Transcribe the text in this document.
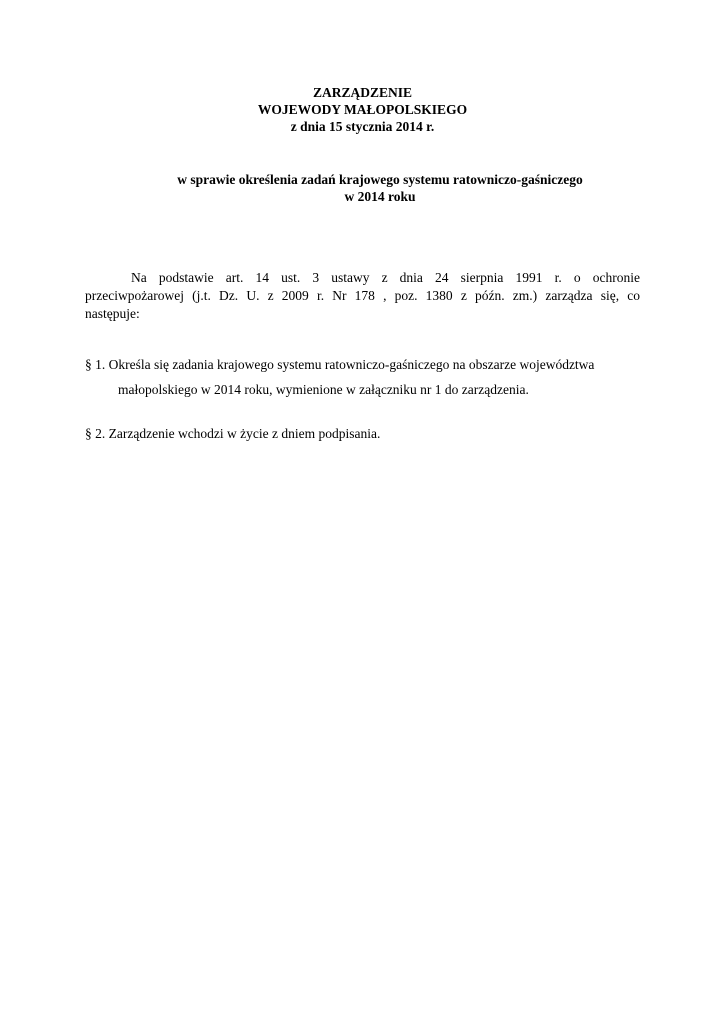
ZARZĄDZENIE
WOJEWODY MAŁOPOLSKIEGO
z dnia 15 stycznia 2014 r.
w sprawie określenia zadań krajowego systemu ratowniczo-gaśniczego
w 2014 roku
Na podstawie art. 14 ust. 3 ustawy z dnia 24 sierpnia 1991 r. o ochronie
przeciwpożarowej (j.t. Dz. U. z 2009 r. Nr 178 , poz. 1380 z późn. zm.) zarządza się, co
następuje:
§ 1. Określa się zadania krajowego systemu ratowniczo-gaśniczego na obszarze województwa
małopolskiego w 2014 roku, wymienione w załączniku nr 1 do zarządzenia.
§ 2. Zarządzenie wchodzi w życie z dniem podpisania.
